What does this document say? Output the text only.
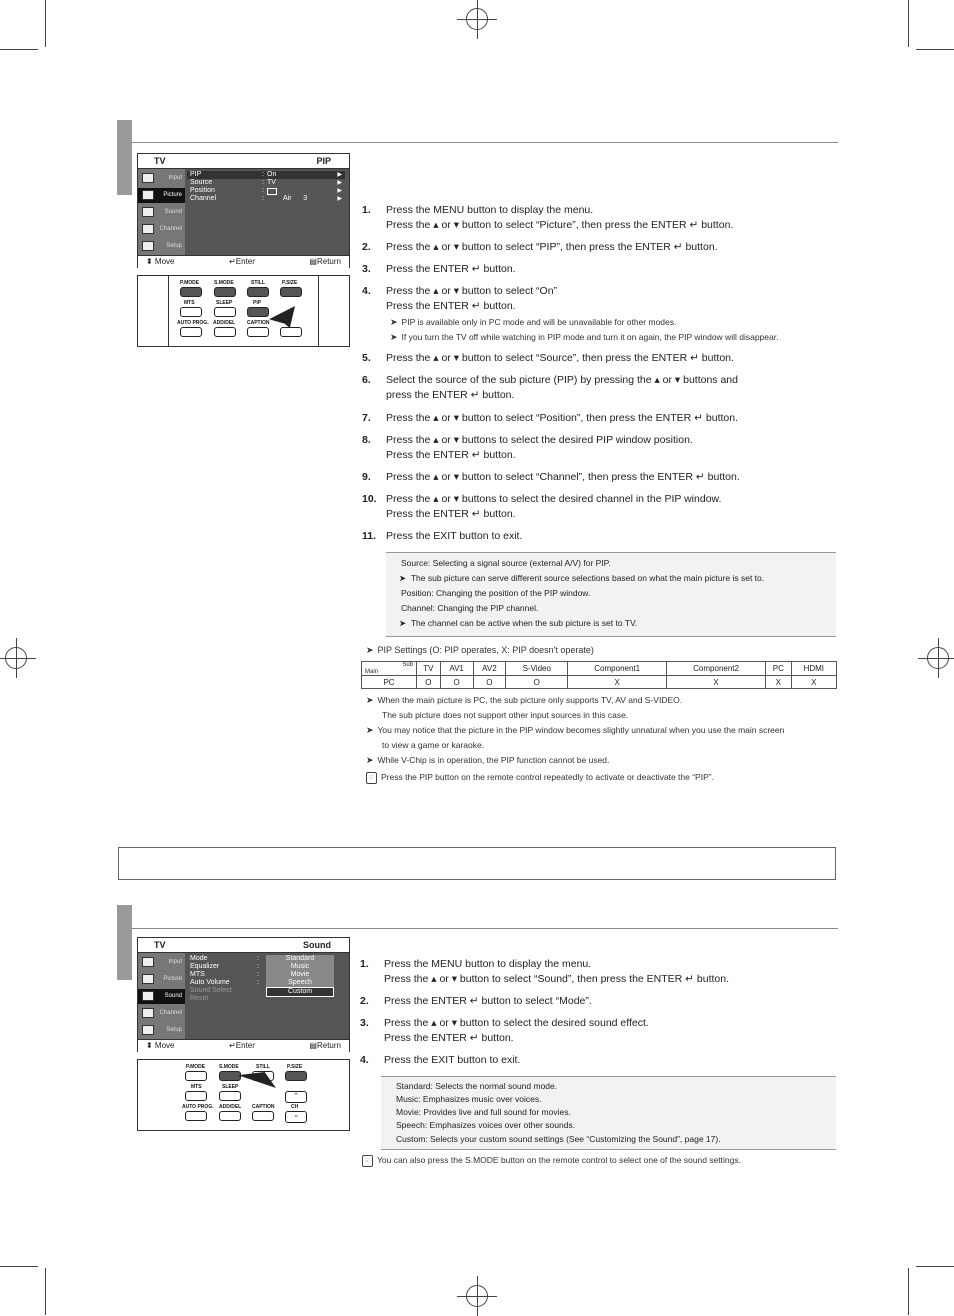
TV	PIP
Input
Picture
Sound
Channel
Setup
PIP	: On	▶
Source	: TV	▶
Position	:	▶
Channel	:	Air      3	▶
⬍ Move	↵Enter	▤Return
P.MODE	S.MODE	STILL	P.SIZE
MTS	SLEEP	PIP
AUTO PROG. ADD/DEL CAPTION
1. Press the MENU button to display the menu.
Press the ▴ or ▾ button to select “Picture”, then press the ENTER ↵ button.
2. Press the ▴ or ▾ button to select “PIP”, then press the ENTER ↵ button.
3. Press the ENTER ↵ button.
4. Press the ▴ or ▾ button to select “On”
Press the ENTER ↵ button.
➤ PIP is available only in PC mode and will be unavailable for other modes.
➤ If you turn the TV off while watching in PIP mode and turn it on again, the PIP window will disappear.
5. Press the ▴ or ▾ button to select “Source”, then press the ENTER ↵ button.
6. Select the source of the sub picture (PIP) by pressing the ▴ or ▾ buttons and
press the ENTER ↵ button.
7. Press the ▴ or ▾ button to select “Position”, then press the ENTER ↵ button.
8. Press the ▴ or ▾ buttons to select the desired PIP window position.
Press the ENTER ↵ button.
9. Press the ▴ or ▾ button to select “Channel”, then press the ENTER ↵ button.
10. Press the ▴ or ▾ buttons to select the desired channel in the PIP window.
Press the ENTER ↵ button.
11. Press the EXIT button to exit.
Source: Selecting a signal source (external A/V) for PIP.
➤  The sub picture can serve different source selections based on what the main picture is set to.
Position: Changing the position of the PIP window.
Channel: Changing the PIP channel.
➤  The channel can be active when the sub picture is set to TV.
➤ PIP Settings (O: PIP operates, X: PIP doesn't operate)
Sub
Main	TV	AV1	AV2	S-Video	Component1	Component2	PC	HDMI
PC	O	O	O	O	X	X	X	X
➤ When the main picture is PC, the sub picture only supports TV, AV and S-VIDEO.
The sub picture does not support other input sources in this case.
➤ You may notice that the picture in the PIP window becomes slightly unnatural when you use the main screen
to view a game or karaoke.
➤ While V-Chip is in operation, the PIP function cannot be used.
☞ Press the PIP button on the remote control repeatedly to activate or deactivate the “PIP”.
TV	Sound
Input
Picture
Sound
Channel
Setup
Mode	:
Equalizer	:
MTS	:
Auto Volume	:
Sound Select	:
Reset
Standard
Music
Movie
Speech
Custom
⬍ Move	↵Enter	▤Return
P.MODE	S.MODE	STILL	P.SIZE
MTS	SLEEP
⌃
AUTO PROG. ADD/DEL CAPTION	CH
⌄
1. Press the MENU button to display the menu.
Press the ▴ or ▾ button to select “Sound”, then press the ENTER ↵ button.
2. Press the ENTER ↵ button to select “Mode”.
3. Press the ▴ or ▾ button to select the desired sound effect.
Press the ENTER ↵ button.
4. Press the EXIT button to exit.
Standard: Selects the normal sound mode.
Music: Emphasizes music over voices.
Movie: Provides live and full sound for movies.
Speech: Emphasizes voices over other sounds.
Custom: Selects your custom sound settings (See “Customizing the Sound”, page 17).
☞ You can also press the S.MODE button on the remote control to select one of the sound settings.
